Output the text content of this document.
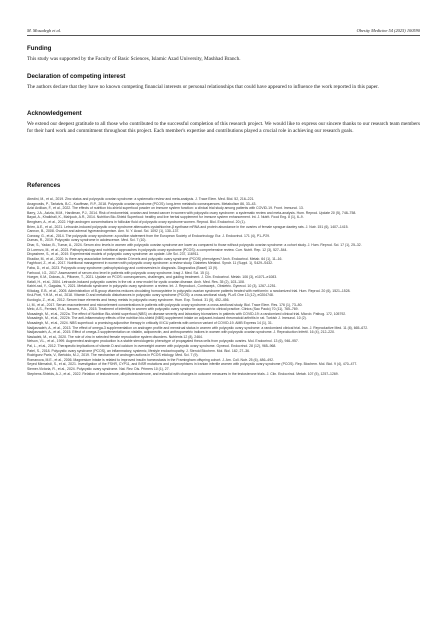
M. Mosadegh et al.	Obesity Medicine 54 (2025) 100590
Funding
This study was supported by the Faculty of Basic Sciences, Islamic Azad University, Mashhad Branch.
Declaration of competing interest
The authors declare that they have no known competing financial interests or personal relationships that could have appeared to influence the work reported in this paper.
Acknowledgement
We extend our deepest gratitude to all those who contributed to the successful completion of this research project. We would like to express our sincere thanks to our research team members for their hard work and commitment throughout this project. Each member's expertise and contributions played a crucial role in achieving our research goals.
References
Abedini, M., et al., 2019. Zinc status and polycystic ovarian syndrome: a systematic review and meta-analysis. J. Trace Elem. Med. Biol. 52, 216–221.
Anagnostis, P., Tarlatzis, B.C., Kauffman, R.P., 2018. Polycystic ovarian syndrome (PCOS): long-term metabolic consequences. Metabolism 86, 33–43.
Azizi Ardikan, F., et al., 2022. The effects of nutrition bio-shield superfood powder on immune system function: a clinical trial study among patients with COVID-19. Front. Immunol. 13.
Barry, J.A., Azizia, M.M., Hardiman, P.J., 2014. Risk of endometrial, ovarian and breast cancer in women with polycystic ovary syndrome: a systematic review and meta-analysis. Hum. Reprod. Update 20 (5), 748–758.
Bayat, A., Khalkhali, K., Mahjoub, A.R., 2014. Nutrition Bio-Shield Superfood: healthy and live herbal supplement for immune system enhancement. Int. J. Nutrit. Food Eng. 8 (1), 6–9.
Bengtsen, A., et al., 2022. High androgen concentrations in follicular fluid of polycystic ovary syndrome women. Reprod. Biol. Endocrinol. 20 (1).
Brien, A.E., et al., 2021. Letrozole-induced polycystic ovary syndrome attenuates cystathionine-β synthase mRNA and protein abundance in the ovaries of female sprague dawley rats. J. Nutr. 151 (6), 1407–1415.
Cannon, B., 2008. Ovarian and adrenal hyperandrogenism. Ann. N. Y. Acad. Sci. 1092 (1), 130–137.
Conway, G., et al., 2014. The polycystic ovary syndrome: a position statement from the European Society of Endocrinology. Eur. J. Endocrinol. 171 (4), P1–P29.
Dumas, R., 2019. Polycystic ovary syndrome in adolescence. Med. Sci. 7 (10).
Dhar, S., Yadav, B., Tumar, A., 2024. Serum zinc levels in women with polycystic ovarian syndrome are lower as compared to those without polycystic ovarian syndrome: a cohort study. J. Hum. Reprod. Sci. 17 (1), 25–32.
Di Lorenzo, M., et al., 2023. Pathophysiology and nutritional approaches in polycystic ovary syndrome (PCOS): a comprehensive review. Curr. Nutrit. Rep. 12 (3), 527–544.
Divyashree, S., et al., 2019. Experimental models of polycystic ovary syndrome: an update. Life Sci. 237, 116911.
Ebadiar, M., et al., 2020. Is there any association between vitamin D levels and polycystic ovary syndrome (PCOS) phenotypes? Arch. Endocrinol. Metab. 64 (1), 11–16.
Faghfoori, Z., et al., 2017. Nutritional management in women with polycystic ovary syndrome: a review study. Diabetes Metabol. Syndr. 11 (Suppl. 1), S429–S432.
Faba, D., et al., 2023. Polycystic ovary syndrome: pathophysiology and controversies in diagnosis. Diagnostics (Basel) 13 (9).
Farhood, I.G., 2017. Assessment of serum zinc level in patients with polycystic ovary syndrome. Iraqi J. Med. Sci. 15 (1).
Hoeger, K.M., Dokras, A., Piltonen, T., 2021. Update on PCOS: consequences, challenges, and guiding treatment. J. Clin. Endocrinol. Metab. 106 (3), e1071–e1083.
Kafali, H., et al., 2004. Letrozole-induced polycystic ovaries in the rat: a new model for cystic ovarian disease. Arch. Med. Res. 35 (2), 103–108.
Kabiri-rad, Y., Gagalas, Y., 2021. Metabolic syndrome in polycystic ovary syndrome: a review. Int. J. Reproduct., Contracept., Obstetric. Gynecol. 10 (3), 1267–1251.
Kilicdag, E.B., et al., 2005. Administration of B-group vitamins reduces circulating homocysteine in polycystic ovarian syndrome patients treated with metformin: a randomized trial. Hum. Reprod. 20 (6), 1521–1528.
Krul-Poel, Y.H.M., et al., 2018. Vitamin D and metabolic disturbances in polycystic ovary syndrome (PCOS): a cross-sectional study. PLoS One 13 (12), e0204748.
Kurdoglu, Z., et al., 2012. Serum trace elements and heavy metals in polycystic ovary syndrome. Hum. Exp. Toxicol. 31 (5), 452–456.
Li, M., et al., 2017. Serum macroelement and microelement concentrations in patients with polycystic ovary syndrome: a cross-sectional study. Biol. Trace Elem. Res. 176 (1), 73–80.
Melo, A.S., Ferriani, R.A., Navarro, P.A., 2015. Treatment of infertility in women with polycystic ovary syndrome: approach to clinical practice. Clinics (Sao Paulo) 70 (11), 765–769.
Mosadegh, M., et al., 2022a. The effect of Nutrition Bio-shield superfood (NBS) on disease severity and laboratory biomarkers in patients with COVID-19: a randomized clinical trial. Microb. Pathog. 172, 105792.
Mosadegh, M., et al., 2022b. The anti-inflammatory effects of the nutrition bio-shield (NBS) supplement intake on adjuvant-induced rheumatoid arthritis in rat. Turkish J. Immunol. 10 (2).
Mosadegh, M., et al., 2024. NBS superfood: a promising adjunctive therapy in critically ill ICU patients with omicron variant of COVID-19. AMB Express 14 (1), 31.
Nadjarzadeh, A., et al., 2013. The effect of omega-3 supplementation on androgen profile and menstrual status in women with polycystic ovary syndrome: a randomized clinical trial. Iran. J. Reproductive Med. 11 (8), 665–672.
Nadjarzadeh, A., et al., 2015. Effect of omega-3 supplementation on visfatin, adiponectin, and anthropometric indices in women with polycystic ovarian syndrome. J. Reproduction Infertil. 16 (4), 212–220.
Nasiadek, M., et al., 2020. The role of zinc in selected female reproductive system disorders. Nutrients 12 (8), 2464.
Nelson, V.L., et al., 1999. Augmented androgen production is a stable steroidogenic phenotype of propagated theca cells from polycystic ovaries. Mol. Endocrinol. 13 (6), 946–957.
Pal, L., et al., 2012. Therapeutic implications of vitamin D and calcium in overweight women with polycystic ovary syndrome. Gynecol. Endocrinol. 28 (12), 965–968.
Patel, S., 2018. Polycystic ovary syndrome (PCOS), an inflammatory, systemic, lifestyle endocrinopathy. J. Steroid Biochem. Mol. Biol. 182, 27–36.
Rodriguez Paris, V., Bertoldo, M.J., 2019. The mechanism of androgen actions in PCOS etiology. Med. Sci. 7 (9).
Romanova, M.E., et al., 2006. Magnesium intake is related to improved insulin homeostasis in the Framingham offspring cohort. J. Am. Coll. Nutr. 25 (6), 486–492.
Seyed Mirmahdi, S., et al., 2021. Investigation of the FSHR, CYP11, and INSR mutations and polymorphisms in Iranian infertile women with polycystic ovary syndrome (PCOS). Rep. Biochem. Mol. Biol. 9 (4), 470–477.
Siemer-Victoria, R., et al., 2024. Polycystic ovary syndrome. Nat. Rev. Dis. Primers 10 (1), 27.
Stephens-Shields, A.J., et al., 2022. Relation of testosterone, dihydrotestosterone, and estradiol with changes in outcome measures in the testosterone trials. J. Clin. Endocrinol. Metab. 107 (5), 1257–1269.
